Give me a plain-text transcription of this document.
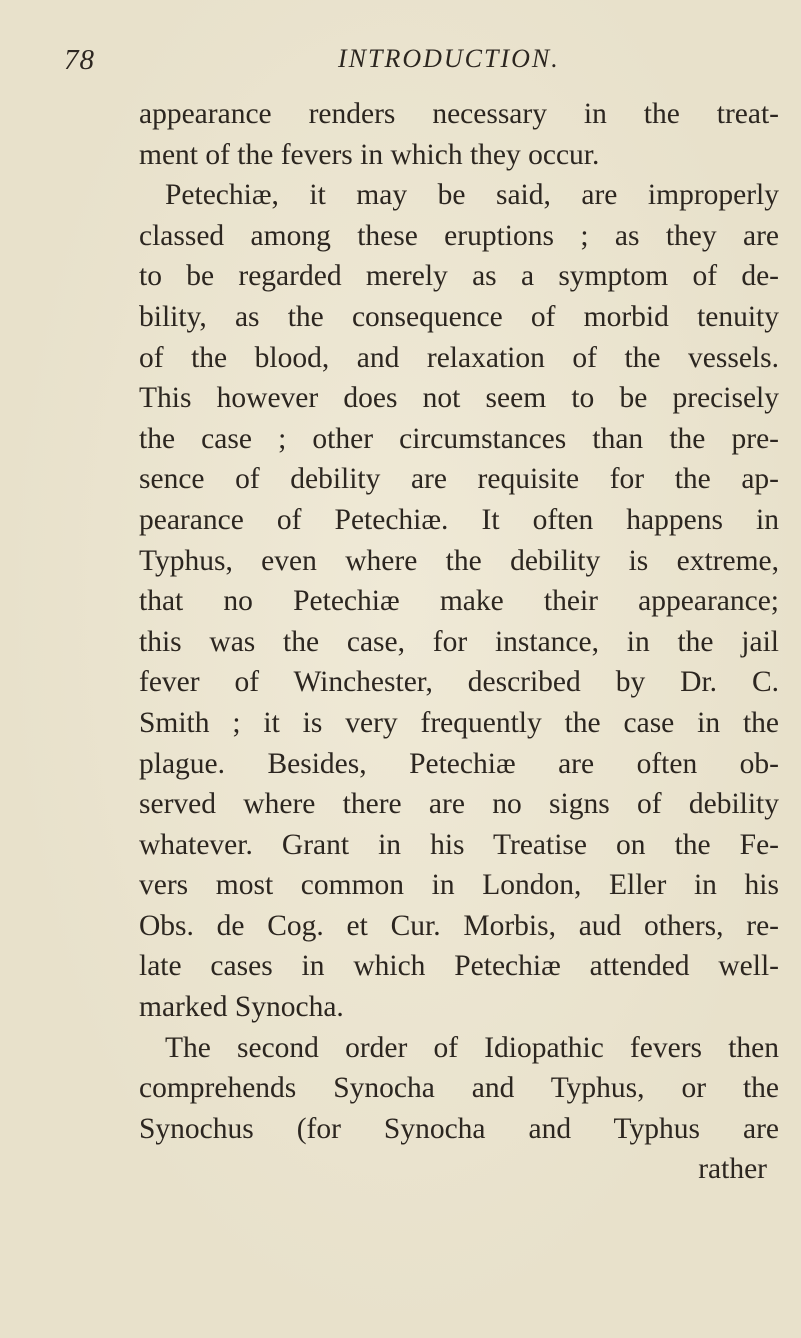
78	INTRODUCTION.
appearance renders necessary in the treat-
ment of the fevers in which they occur.
Petechiæ, it may be said, are improperly
classed among these eruptions ; as they are
to be regarded merely as a symptom of de-
bility, as the consequence of morbid tenuity
of the blood, and relaxation of the vessels.
This however does not seem to be precisely
the case ; other circumstances than the pre-
sence of debility are requisite for the ap-
pearance of Petechiæ. It often happens in
Typhus, even where the debility is extreme,
that no Petechiæ make their appearance;
this was the case, for instance, in the jail
fever of Winchester, described by Dr. C.
Smith ; it is very frequently the case in the
plague. Besides, Petechiæ are often ob-
served where there are no signs of debility
whatever. Grant in his Treatise on the Fe-
vers most common in London, Eller in his
Obs. de Cog. et Cur. Morbis, aud others, re-
late cases in which Petechiæ attended well-
marked Synocha.
The second order of Idiopathic fevers then
comprehends Synocha and Typhus, or the
Synochus (for Synocha and Typhus are
rather
